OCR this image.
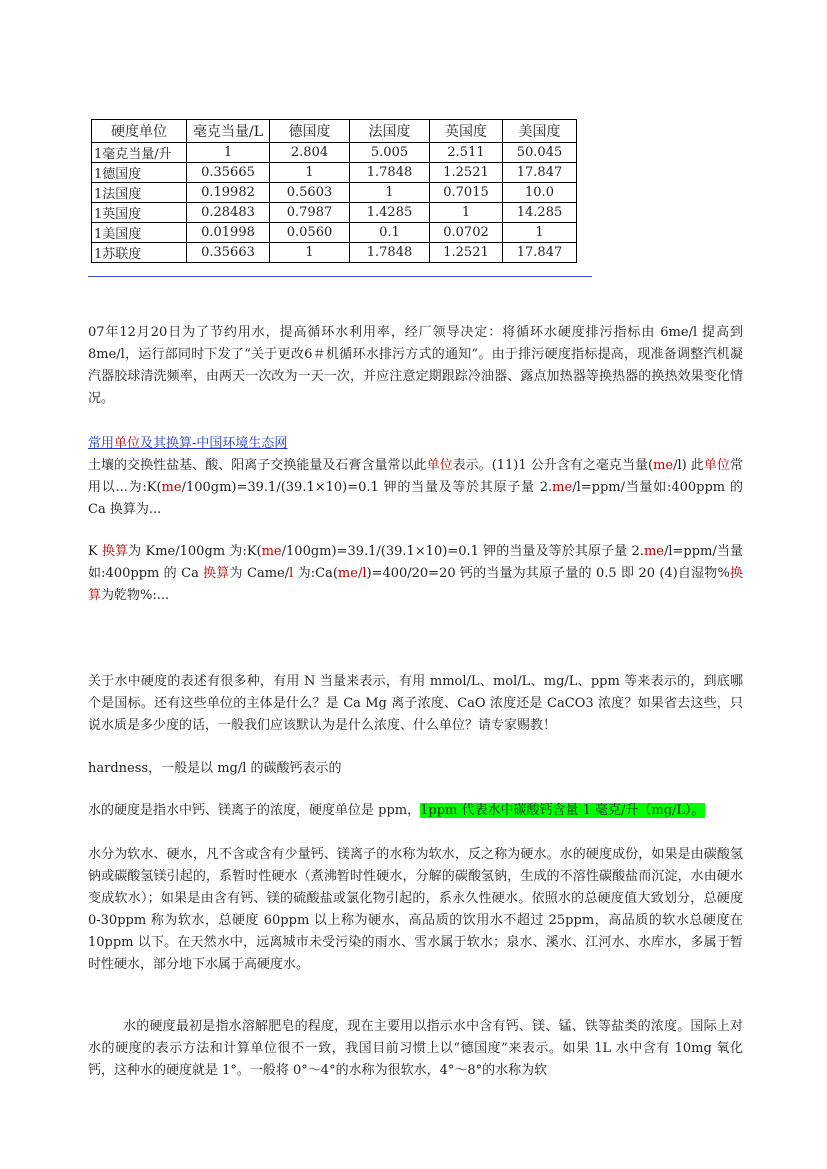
硬度单位	毫克当量/L	德国度	法国度	英国度	美国度
1毫克当量/升	1	2.804	5.005	2.511	50.045
1德国度	0.35665	1	1.7848	1.2521	17.847
1法国度	0.19982	0.5603	1	0.7015	10.0
1英国度	0.28483	0.7987	1.4285	1	14.285
1美国度	0.01998	0.0560	0.1	0.0702	1
1苏联度	0.35663	1	1.7848	1.2521	17.847

07年12月20日为了节约用水，提高循环水利用率，经厂领导决定：将循环水硬度排污指标由 6me/l 提高到 8me/l，运行部同时下发了“关于更改6＃机循环水排污方式的通知”。由于排污硬度指标提高，现准备调整汽机凝汽器胶球清洗频率，由两天一次改为一天一次，并应注意定期跟踪冷油器、露点加热器等换热器的换热效果变化情况。

常用单位及其换算-中国环境生态网

土壤的交换性盐基、酸、阳离子交换能量及石膏含量常以此单位表示。(11)1 公升含有之毫克当量(me/l) 此单位常用以...为:K(me/100gm)=39.1/(39.1×10)=0.1 钾的当量及等於其原子量 2.me/l=ppm/当量如:400ppm 的 Ca 换算为...

K 换算为 Kme/100gm 为:K(me/100gm)=39.1/(39.1×10)=0.1 钾的当量及等於其原子量 2.me/l=ppm/当量 如:400ppm 的 Ca 换算为 Came/l 为:Ca(me/l)=400/20=20 钙的当量为其原子量的 0.5 即 20 (4)自湿物%换算为乾物%:...

关于水中硬度的表述有很多种，有用 N 当量来表示，有用 mmol/L、mol/L、mg/L、ppm 等来表示的，到底哪个是国标。还有这些单位的主体是什么？是 Ca Mg 离子浓度、CaO 浓度还是 CaCO3 浓度？如果省去这些，只说水质是多少度的话，一般我们应该默认为是什么浓度、什么单位？请专家赐教！

hardness，一般是以 mg/l 的碳酸钙表示的

水的硬度是指水中钙、镁离子的浓度，硬度单位是 ppm，1ppm 代表水中碳酸钙含量 1 毫克/升（mg/L）。

水分为软水、硬水，凡不含或含有少量钙、镁离子的水称为软水，反之称为硬水。水的硬度成份，如果是由碳酸氢钠或碳酸氢镁引起的，系暂时性硬水（煮沸暂时性硬水，分解的碳酸氢钠，生成的不溶性碳酸盐而沉淀，水由硬水变成软水）；如果是由含有钙、镁的硫酸盐或氯化物引起的，系永久性硬水。依照水的总硬度值大致划分，总硬度 0-30ppm 称为软水，总硬度 60ppm 以上称为硬水，高品质的饮用水不超过 25ppm，高品质的软水总硬度在 10ppm 以下。在天然水中，远离城市未受污染的雨水、雪水属于软水；泉水、溪水、江河水、水库水，多属于暂时性硬水，部分地下水属于高硬度水。

水的硬度最初是指水溶解肥皂的程度，现在主要用以指示水中含有钙、镁、锰、铁等盐类的浓度。国际上对水的硬度的表示方法和计算单位很不一致，我国目前习惯上以“德国度”来表示。如果 1L 水中含有 10mg 氧化钙，这种水的硬度就是 1°。一般将 0°～4°的水称为很软水，4°～8°的水称为软
